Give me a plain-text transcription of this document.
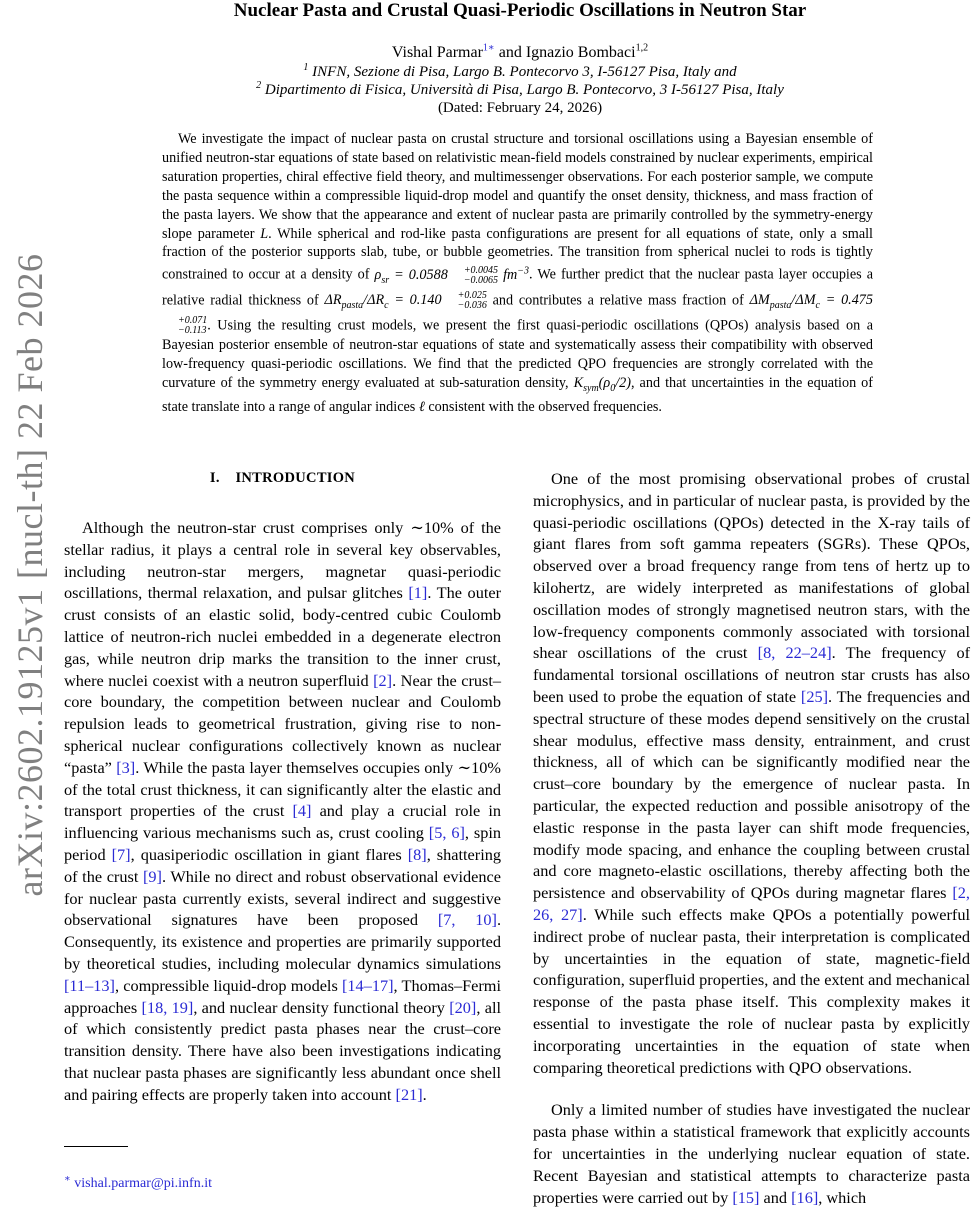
arXiv:2602.19125v1 [nucl-th] 22 Feb 2026
Nuclear Pasta and Crustal Quasi-Periodic Oscillations in Neutron Star
Vishal Parmar$^{1∗}$ and Ignazio Bombaci$^{1,2}$
$^1$ INFN, Sezione di Pisa, Largo B. Pontecorvo 3, I-56127 Pisa, Italy and
$^2$ Dipartimento di Fisica, Università di Pisa, Largo B. Pontecorvo, 3 I-56127 Pisa, Italy
(Dated: February 24, 2026)

We investigate the impact of nuclear pasta on crustal structure and torsional oscillations using a Bayesian ensemble of unified neutron-star equations of state based on relativistic mean-field models constrained by nuclear experiments, empirical saturation properties, chiral effective field theory, and multimessenger observations. For each posterior sample, we compute the pasta sequence within a compressible liquid-drop model and quantify the onset density, thickness, and mass fraction of the pasta layers. We show that the appearance and extent of nuclear pasta are primarily controlled by the symmetry-energy slope parameter L. While spherical and rod-like pasta configurations are present for all equations of state, only a small fraction of the posterior supports slab, tube, or bubble geometries. The transition from spherical nuclei to rods is tightly constrained to occur at a density of $\rho_{sr} = 0.0588$	+0.0045
−0.0065 $fm^{-3}$. We further predict that the nuclear pasta layer occupies a relative radial thickness of $\Delta R_{pasta}/\Delta R_c = 0.140$	+0.025
−0.036 and contributes a relative mass fraction of $\Delta M_{pasta}/\Delta M_c = 0.475$
+0.071
−0.113 . Using the resulting crust models, we present the first quasi-periodic oscillations (QPOs) analysis based on a Bayesian posterior ensemble of neutron-star equations of state and systematically assess their compatibility with observed low-frequency quasi-periodic oscillations. We find that the predicted QPO frequencies are strongly correlated with the curvature of the symmetry energy evaluated at sub-saturation density, $K_{sym}(\rho_0/2)$, and that uncertainties in the equation of state translate into a range of angular indices ℓ consistent with the observed frequencies.

I. INTRODUCTION

Although the neutron-star crust comprises only ∼10% of the stellar radius, it plays a central role in several key observables, including neutron-star mergers, magnetar quasi-periodic oscillations, thermal relaxation, and pulsar glitches [1]. The outer crust consists of an elastic solid, body-centred cubic Coulomb lattice of neutron-rich nuclei embedded in a degenerate electron gas, while neutron drip marks the transition to the inner crust, where nuclei coexist with a neutron superfluid [2]. Near the crust–core boundary, the competition between nuclear and Coulomb repulsion leads to geometrical frustration, giving rise to non-spherical nuclear configurations collectively known as nuclear “pasta” [3]. While the pasta layer themselves occupies only ∼10% of the total crust thickness, it can significantly alter the elastic and transport properties of the crust [4] and play a crucial role in influencing various mechanisms such as, crust cooling [5, 6], spin period [7], quasiperiodic oscillation in giant flares [8], shattering of the crust [9]. While no direct and robust observational evidence for nuclear pasta currently exists, several indirect and suggestive observational signatures have been proposed [7, 10]. Consequently, its existence and properties are primarily supported by theoretical studies, including molecular dynamics simulations [11–13], compressible liquid-drop models [14–17], Thomas–Fermi approaches [18, 19], and nuclear density functional theory [20], all of which consistently predict pasta phases near the crust–core transition density. There have also been investigations indicating that nuclear pasta phases are significantly less abundant once shell and pairing effects are properly taken into account [21].

One of the most promising observational probes of crustal microphysics, and in particular of nuclear pasta, is provided by the quasi-periodic oscillations (QPOs) detected in the X-ray tails of giant flares from soft gamma repeaters (SGRs). These QPOs, observed over a broad frequency range from tens of hertz up to kilohertz, are widely interpreted as manifestations of global oscillation modes of strongly magnetised neutron stars, with the low-frequency components commonly associated with torsional shear oscillations of the crust [8, 22–24]. The frequency of fundamental torsional oscillations of neutron star crusts has also been used to probe the equation of state [25]. The frequencies and spectral structure of these modes depend sensitively on the crustal shear modulus, effective mass density, entrainment, and crust thickness, all of which can be significantly modified near the crust–core boundary by the emergence of nuclear pasta. In particular, the expected reduction and possible anisotropy of the elastic response in the pasta layer can shift mode frequencies, modify mode spacing, and enhance the coupling between crustal and core magneto-elastic oscillations, thereby affecting both the persistence and observability of QPOs during magnetar flares [2, 26, 27]. While such effects make QPOs a potentially powerful indirect probe of nuclear pasta, their interpretation is complicated by uncertainties in the equation of state, magnetic-field configuration, superfluid properties, and the extent and mechanical response of the pasta phase itself. This complexity makes it essential to investigate the role of nuclear pasta by explicitly incorporating uncertainties in the equation of state when comparing theoretical predictions with QPO observations.

Only a limited number of studies have investigated the nuclear pasta phase within a statistical framework that explicitly accounts for uncertainties in the underlying nuclear equation of state. Recent Bayesian and statistical attempts to characterize pasta properties were carried out by [15] and [16], which

∗ vishal.parmar@pi.infn.it
